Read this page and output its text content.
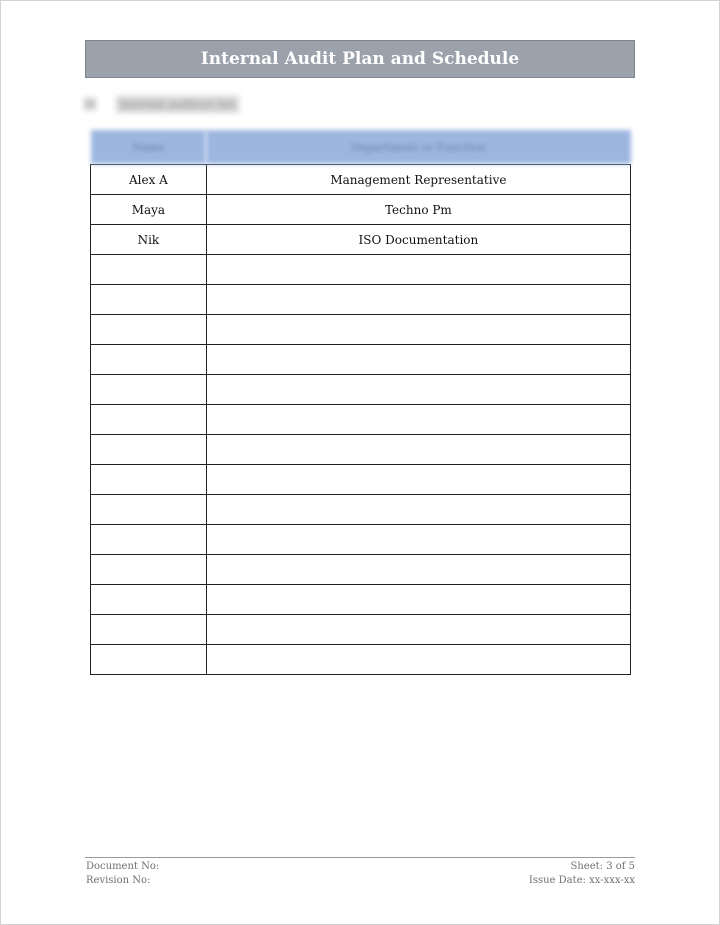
Internal Audit Plan and Schedule
Internal auditors list
Name	Department or Function
Alex A	Management Representative
Maya	Techno Pm
Nik	ISO Documentation

Document No:
Revision No:
Sheet: 3 of 5
Issue Date: xx-xxx-xx
